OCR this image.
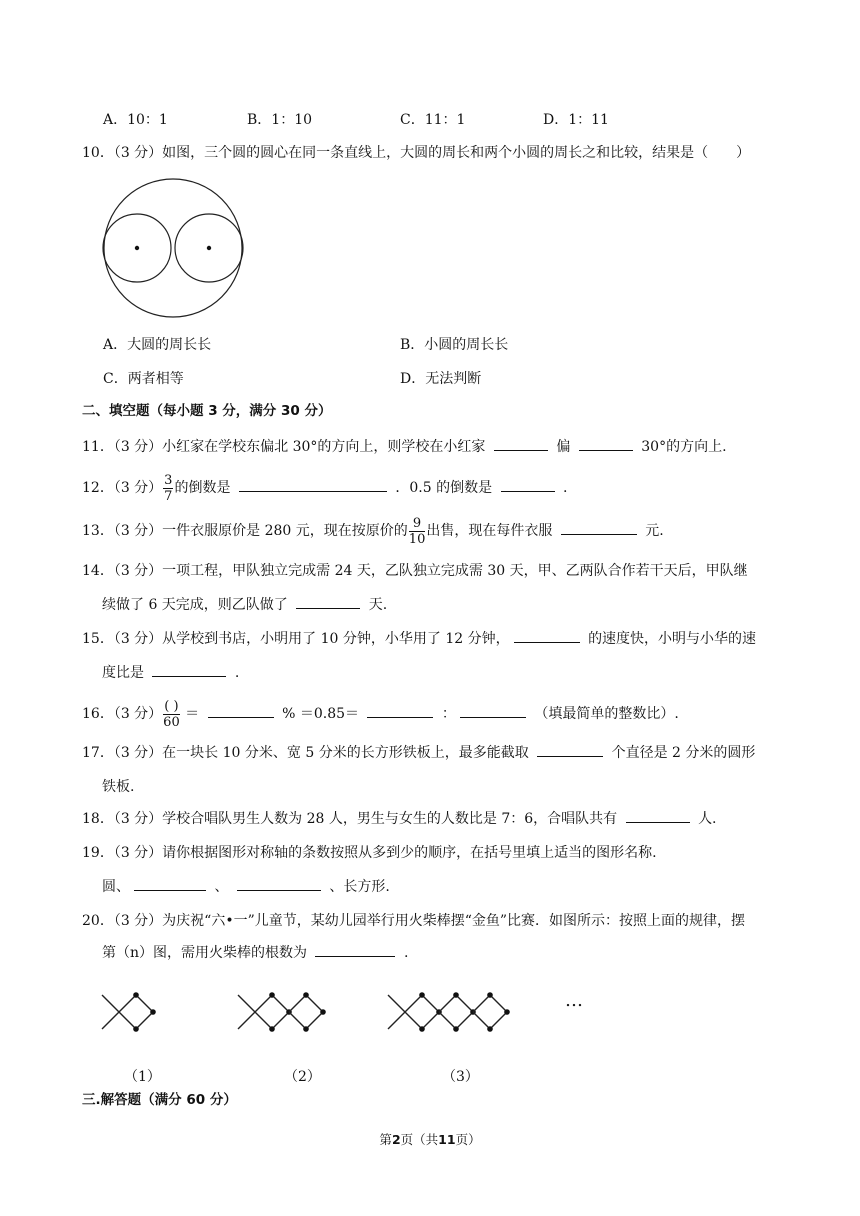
A．10：1	B．1：10	C．11：1	D．1：11
10．（3 分）如图，三个圆的圆心在同一条直线上，大圆的周长和两个小圆的周长之和比较，结果是（　　）
A．大圆的周长长	B．小圆的周长长
C．两者相等	D．无法判断
二、填空题（每小题 3 分，满分 30 分）
11．（3 分）小红家在学校东偏北 30°的方向上，则学校在小红家	偏	30°的方向上.
12．（3 分） $\frac{3}{7}$ 的倒数是	．0.5 的倒数是	.
13．（3 分）一件衣服原价是 280 元，现在按原价的 $\frac{9}{10}$ 出售，现在每件衣服	元.
14．（3 分）一项工程，甲队独立完成需 24 天，乙队独立完成需 30 天，甲、乙两队合作若干天后，甲队继
续做了 6 天完成，则乙队做了	天.
15．（3 分）从学校到书店，小明用了 10 分钟，小华用了 12 分钟，	的速度快，小明与小华的速
度比是	.
16．（3 分） $\frac{( )}{60}$ ＝	% ＝0.85＝	：	（填最简单的整数比）.
17．（3 分）在一块长 10 分米、宽 5 分米的长方形铁板上，最多能截取	个直径是 2 分米的圆形
铁板.
18．（3 分）学校合唱队男生人数为 28 人，男生与女生的人数比是 7：6，合唱队共有	人.
19．（3 分）请你根据图形对称轴的条数按照从多到少的顺序，在括号里填上适当的图形名称.
圆、	、	、长方形.
20．（3 分）为庆祝“六•一”儿童节，某幼儿园举行用火柴棒摆“金鱼”比赛．如图所示：按照上面的规律，摆
第（n）图，需用火柴棒的根数为	.
…
（1）	（2）	（3）
三.解答题（满分 60 分）
第2页（共11页）
